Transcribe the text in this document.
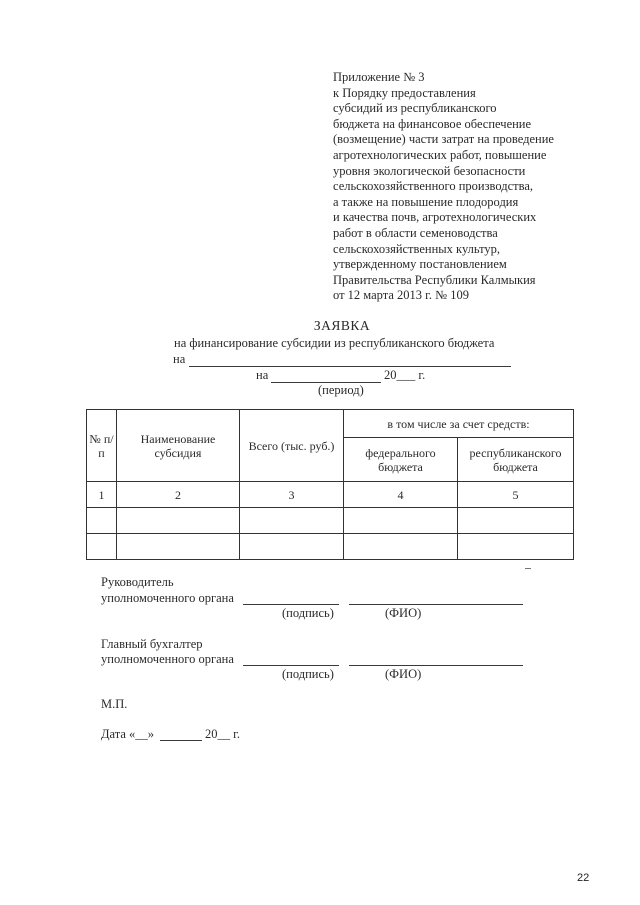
Приложение № 3
к Порядку предоставления
субсидий из республиканского
бюджета на финансовое обеспечение
(возмещение) части затрат на проведение
агротехнологических работ, повышение
уровня экологической безопасности
сельскохозяйственного производства,
а также на повышение плодородия
и качества почв, агротехнологических
работ в области семеноводства
сельскохозяйственных культур,
утвержденному постановлением
Правительства Республики Калмыкия
от 12 марта 2013 г. № 109
ЗАЯВКА
на финансирование субсидии из республиканского бюджета
на
на	20___ г.
(период)
№ п/п	Наименование субсидия	Всего (тыс. руб.)	в том числе за счет средств:	
			федерального бюджета	республиканского бюджета
1	2	3	4	5

Руководитель
уполномоченного органа
(подпись)	(ФИО)
Главный бухгалтер
уполномоченного органа
(подпись)	(ФИО)
М.П.
Дата «__»	20__ г.
22
